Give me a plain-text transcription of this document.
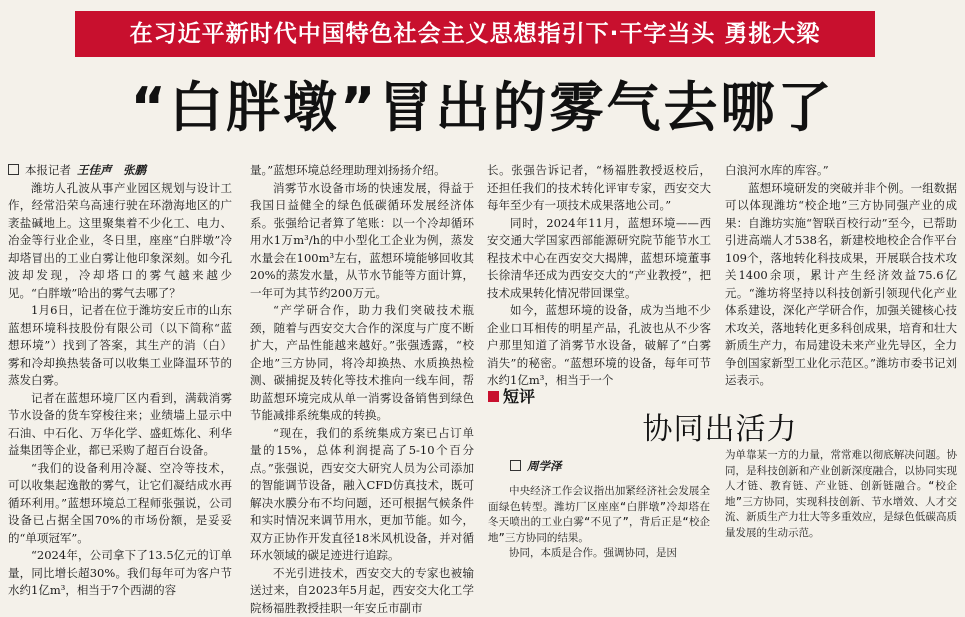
在习近平新时代中国特色社会主义思想指引下·干字当头 勇挑大梁
“白胖墩”冒出的雾气去哪了

本报记者 王佳声　张鹏

潍坊人孔波从事产业园区规划与设计工作，经常沿荣乌高速行驶在环渤海地区的广袤盐碱地上。这里聚集着不少化工、电力、冶金等行业企业，冬日里，座座“白胖墩”冷却塔冒出的工业白雾让他印象深刻。如今孔波却发现，冷却塔口的雾气越来越少见。“白胖墩”哈出的雾气去哪了？

1月6日，记者在位于潍坊安丘市的山东蓝想环境科技股份有限公司（以下简称“蓝想环境”）找到了答案，其生产的消（白）雾和冷却换热装备可以收集工业降温环节的蒸发白雾。

记者在蓝想环境厂区内看到，满载消雾节水设备的货车穿梭往来；业绩墙上显示中石油、中石化、万华化学、盛虹炼化、利华益集团等企业，都已采购了超百台设备。

“我们的设备利用冷凝、空冷等技术，可以收集起逸散的雾气，让它们凝结成水再循环利用。”蓝想环境总工程师张强说，公司设备已占据全国70%的市场份额，是妥妥的“单项冠军”。

“2024年，公司拿下了13.5亿元的订单量，同比增长超30%。我们每年可为客户节水约1亿m³，相当于7个西湖的容

量。”蓝想环境总经理助理刘扬扬介绍。

消雾节水设备市场的快速发展，得益于我国日益健全的绿色低碳循环发展经济体系。张强给记者算了笔账：以一个冷却循环用水1万m³/h的中小型化工企业为例，蒸发水量会在100m³左右，蓝想环境能够回收其20%的蒸发水量，从节水节能等方面计算，一年可为其节约200万元。

“产学研合作，助力我们突破技术瓶颈，随着与西安交大合作的深度与广度不断扩大，产品性能越来越好。”张强透露，“校企地”三方协同，将冷却换热、水质换热检测、碳捕捉及转化等技术推向一线车间，帮助蓝想环境完成从单一消雾设备销售到绿色节能减排系统集成的转换。

“现在，我们的系统集成方案已占订单量的15%，总体利润提高了5-10个百分点。”张强说，西安交大研究人员为公司添加的智能调节设备，融入CFD仿真技术，既可解决水膜分布不均问题，还可根据气候条件和实时情况来调节用水，更加节能。如今，双方正协作开发直径18米风机设备，并对循环水领域的碳足迹进行追踪。

不光引进技术，西安交大的专家也被输送过来，自2023年5月起，西安交大化工学院杨福胜教授挂职一年安丘市副市

长。张强告诉记者，“杨福胜教授返校后，还担任我们的技术转化评审专家，西安交大每年至少有一项技术成果落地公司。”

同时，2024年11月，蓝想环境——西安交通大学国家西部能源研究院节能节水工程技术中心在西安交大揭牌，蓝想环境董事长徐清华还成为西安交大的“产业教授”，把技术成果转化情况带回课堂。

如今，蓝想环境的设备，成为当地不少企业口耳相传的明星产品，孔波也从不少客户那里知道了消雾节水设备，破解了“白雾消失”的秘密。“蓝想环境的设备，每年可节水约1亿m³，相当于一个

白浪河水库的库容。”

蓝想环境研发的突破并非个例。一组数据可以体现潍坊“校企地”三方协同强产业的成果：自潍坊实施“智联百校行动”至今，已帮助引进高端人才538名，新建校地校企合作平台109个，落地转化科技成果，开展联合技术攻关1400余项，累计产生经济效益75.6亿元。“潍坊将坚持以科技创新引领现代化产业体系建设，深化产学研合作，加强关键核心技术攻关，落地转化更多科创成果，培育和壮大新质生产力，布局建设未来产业先导区，全力争创国家新型工业化示范区。”潍坊市委书记刘运表示。

短评
协同出活力
周学泽

中央经济工作会议指出加紧经济社会发展全面绿色转型。潍坊厂区座座“白胖墩”冷却塔在冬天喷出的工业白雾“不见了”，背后正是“校企地”三方协同的结果。

协同，本质是合作。强调协同，是因

为单靠某一方的力量，常常难以彻底解决问题。协同，是科技创新和产业创新深度融合，以协同实现人才链、教育链、产业链、创新链融合。“校企地”三方协同，实现科技创新、节水增效、人才交流、新质生产力壮大等多重效应，是绿色低碳高质量发展的生动示范。
